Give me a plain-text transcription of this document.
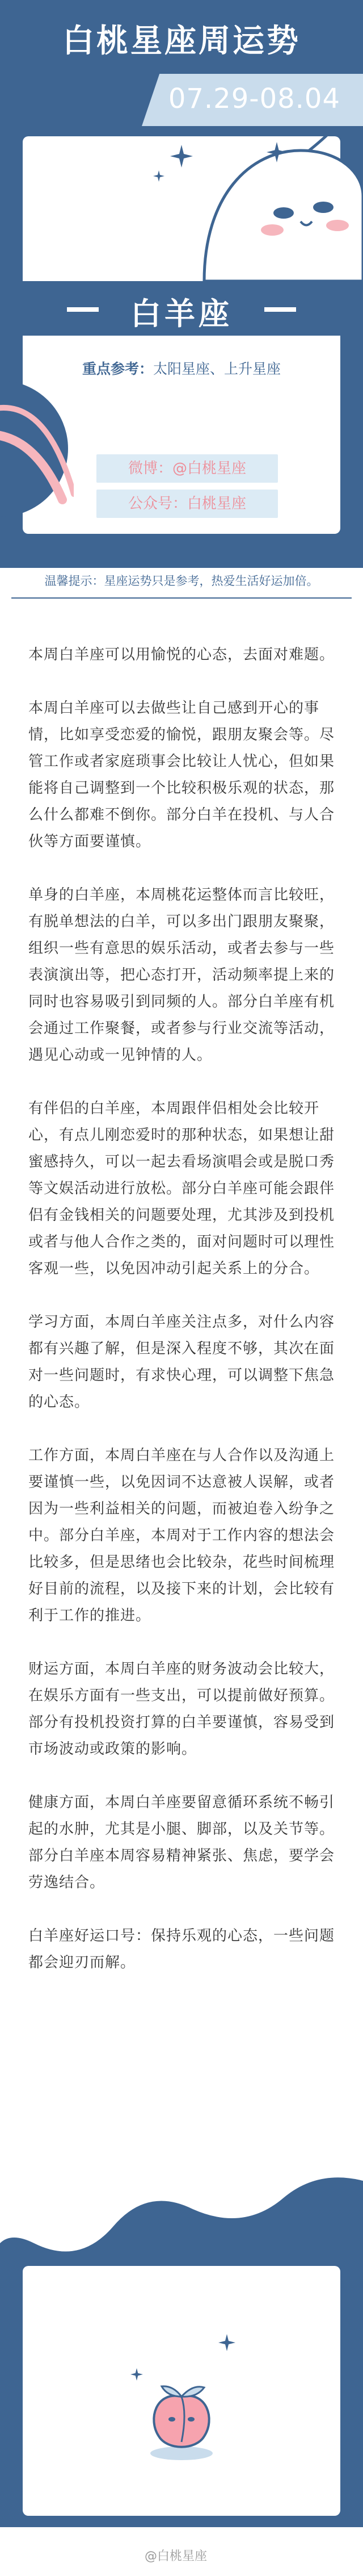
白桃星座周运势
07.29-08.04
白羊座
重点参考：太阳星座、上升星座
微博：@白桃星座
公众号：白桃星座
温馨提示：星座运势只是参考，热爱生活好运加倍。

本周白羊座可以用愉悦的心态，去面对难题。

本周白羊座可以去做些让自己感到开心的事情，比如享受恋爱的愉悦，跟朋友聚会等。尽管工作或者家庭琐事会比较让人忧心，但如果能将自己调整到一个比较积极乐观的状态，那么什么都难不倒你。部分白羊在投机、与人合伙等方面要谨慎。

单身的白羊座，本周桃花运整体而言比较旺，有脱单想法的白羊，可以多出门跟朋友聚聚，组织一些有意思的娱乐活动，或者去参与一些表演演出等，把心态打开，活动频率提上来的同时也容易吸引到同频的人。部分白羊座有机会通过工作聚餐，或者参与行业交流等活动，遇见心动或一见钟情的人。

有伴侣的白羊座，本周跟伴侣相处会比较开心，有点儿刚恋爱时的那种状态，如果想让甜蜜感持久，可以一起去看场演唱会或是脱口秀等文娱活动进行放松。部分白羊座可能会跟伴侣有金钱相关的问题要处理，尤其涉及到投机或者与他人合作之类的，面对问题时可以理性客观一些，以免因冲动引起关系上的分合。

学习方面，本周白羊座关注点多，对什么内容都有兴趣了解，但是深入程度不够，其次在面对一些问题时，有求快心理，可以调整下焦急的心态。

工作方面，本周白羊座在与人合作以及沟通上要谨慎一些，以免因词不达意被人误解，或者因为一些利益相关的问题，而被迫卷入纷争之中。部分白羊座，本周对于工作内容的想法会比较多，但是思绪也会比较杂，花些时间梳理好目前的流程，以及接下来的计划，会比较有利于工作的推进。

财运方面，本周白羊座的财务波动会比较大，在娱乐方面有一些支出，可以提前做好预算。部分有投机投资打算的白羊要谨慎，容易受到市场波动或政策的影响。

健康方面，本周白羊座要留意循环系统不畅引起的水肿，尤其是小腿、脚部，以及关节等。部分白羊座本周容易精神紧张、焦虑，要学会劳逸结合。

白羊座好运口号：保持乐观的心态，一些问题都会迎刃而解。

@白桃星座
